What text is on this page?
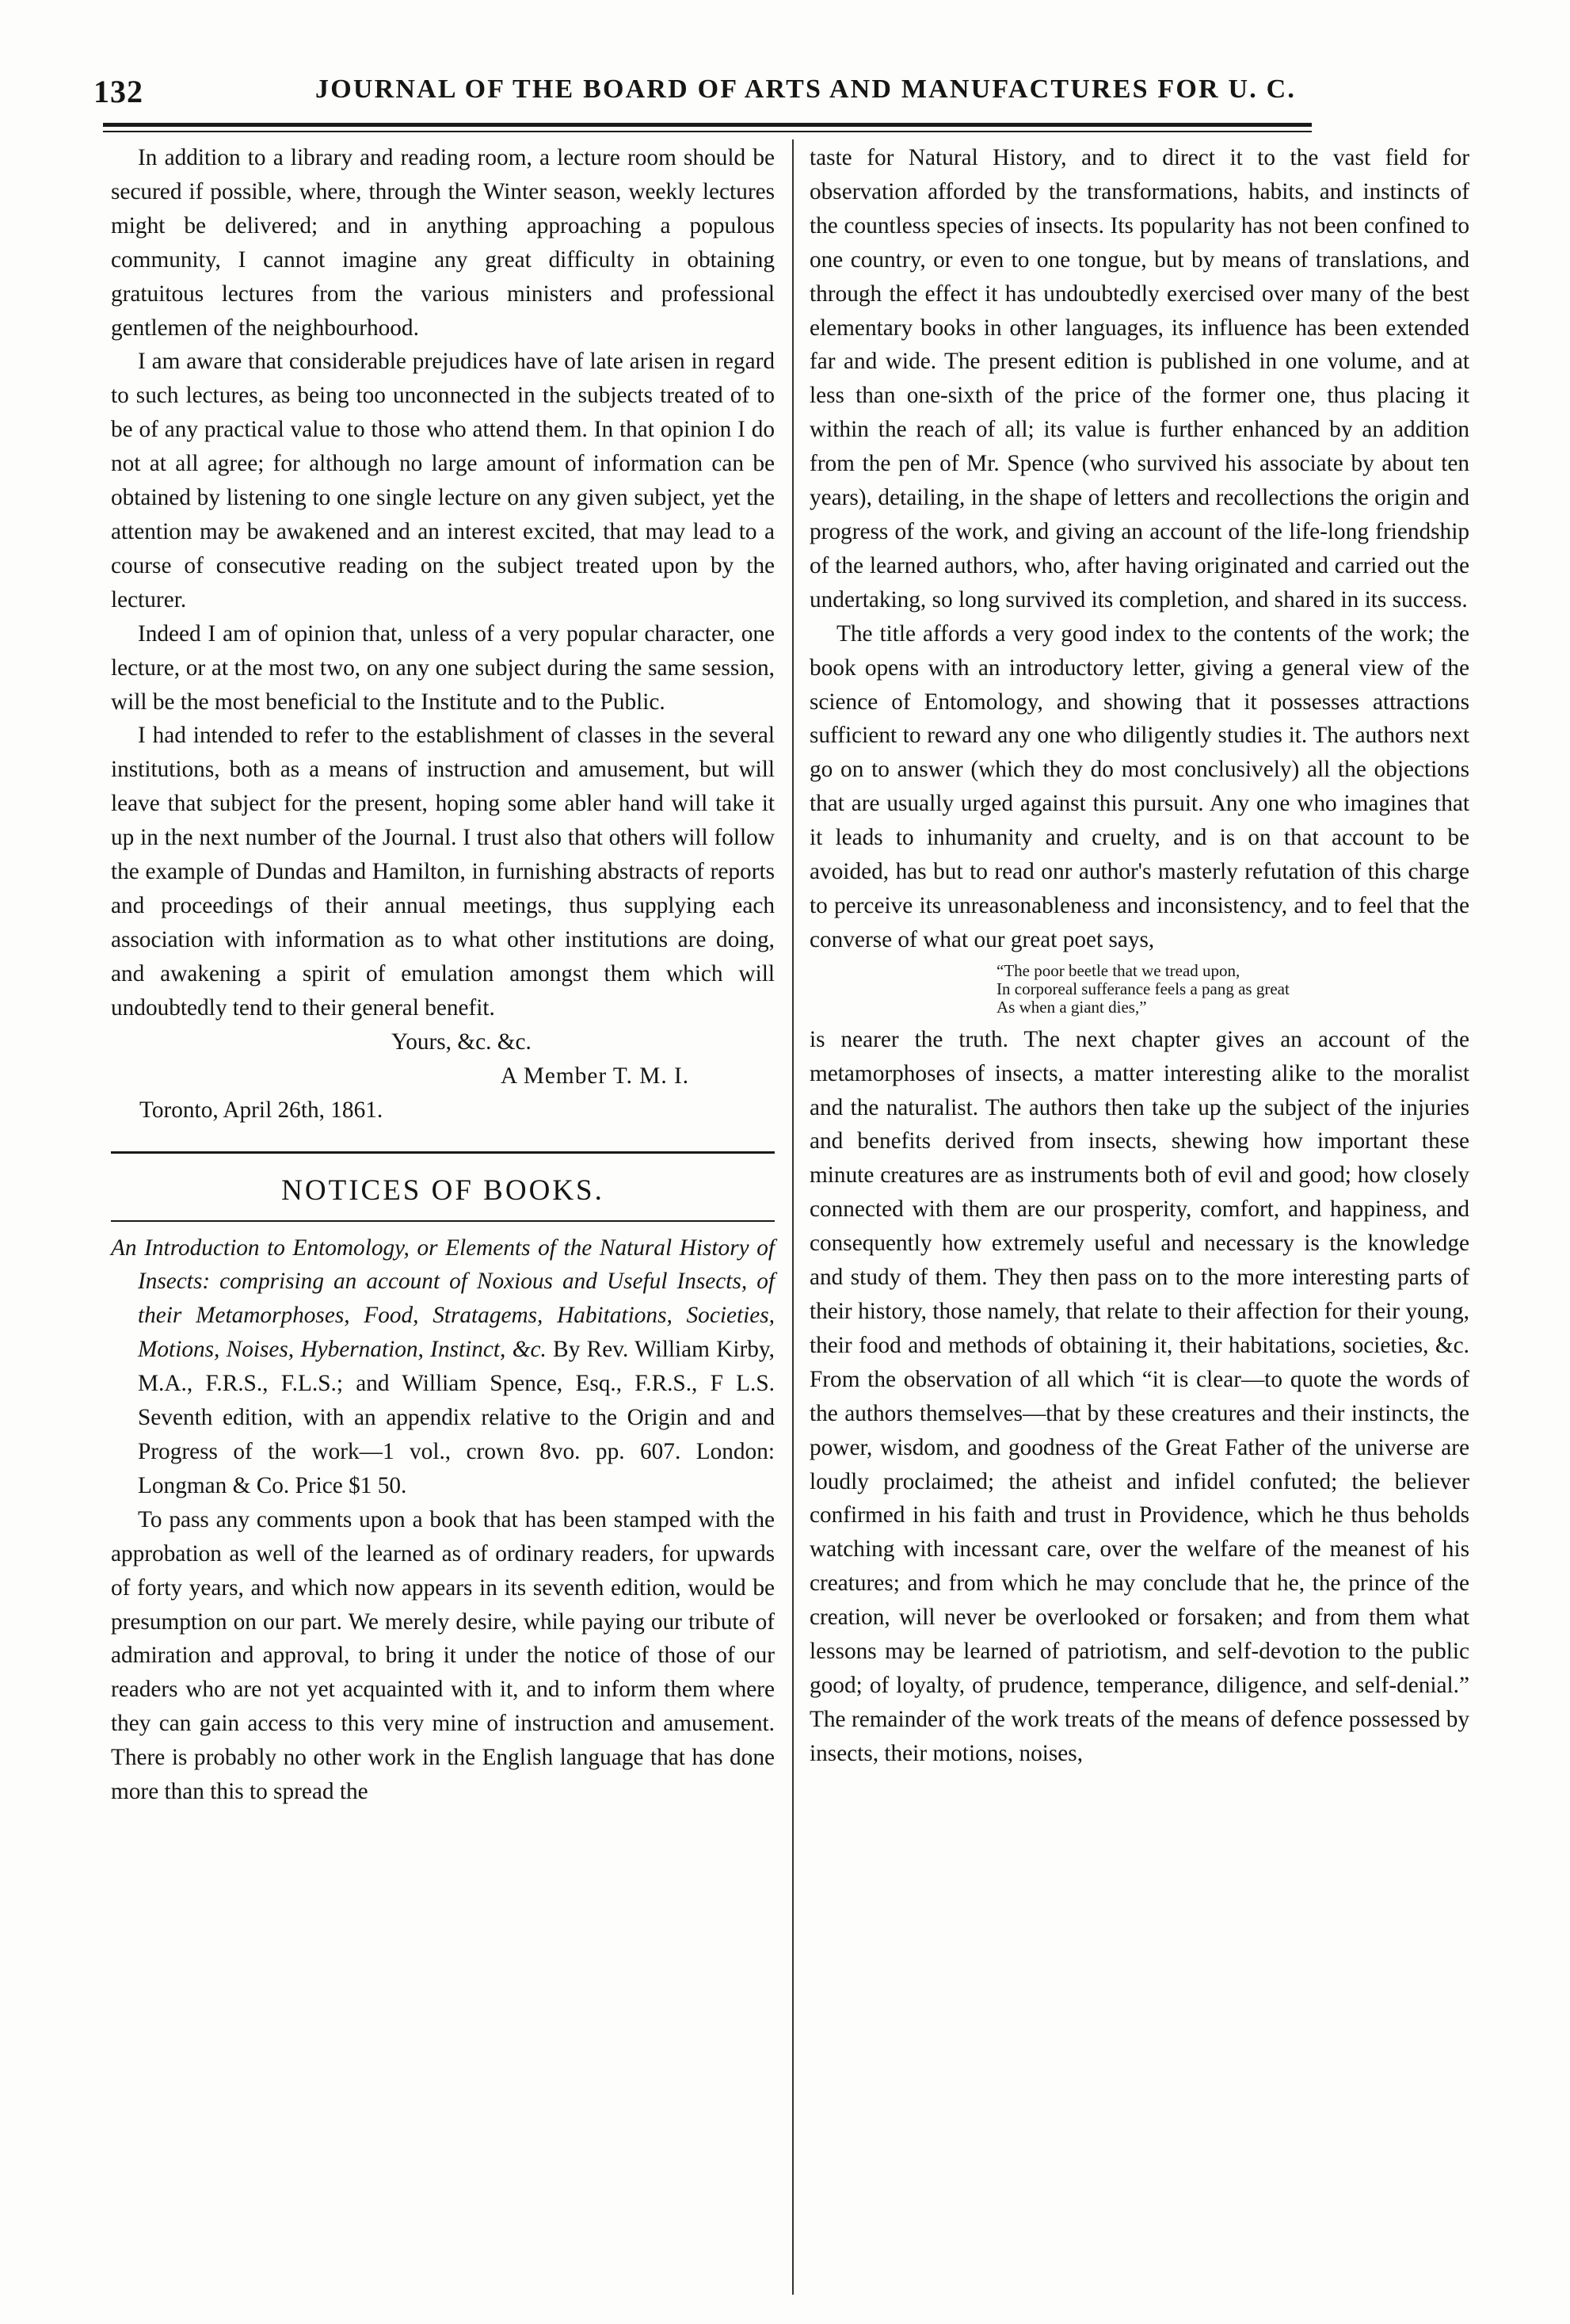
132	JOURNAL OF THE BOARD OF ARTS AND MANUFACTURES FOR U. C.

In addition to a library and reading room, a lecture room should be secured if possible, where, through the Winter season, weekly lectures might be delivered; and in anything approaching a populous community, I cannot imagine any great difficulty in obtaining gratuitous lectures from the various ministers and professional gentlemen of the neighbourhood.

I am aware that considerable prejudices have of late arisen in regard to such lectures, as being too unconnected in the subjects treated of to be of any practical value to those who attend them. In that opinion I do not at all agree; for although no large amount of information can be obtained by listening to one single lecture on any given subject, yet the attention may be awakened and an interest excited, that may lead to a course of consecutive reading on the subject treated upon by the lecturer.

Indeed I am of opinion that, unless of a very popular character, one lecture, or at the most two, on any one subject during the same session, will be the most beneficial to the Institute and to the Public.

I had intended to refer to the establishment of classes in the several institutions, both as a means of instruction and amusement, but will leave that subject for the present, hoping some abler hand will take it up in the next number of the Journal. I trust also that others will follow the example of Dundas and Hamilton, in furnishing abstracts of reports and proceedings of their annual meetings, thus supplying each association with information as to what other institutions are doing, and awakening a spirit of emulation amongst them which will undoubtedly tend to their general benefit.

Yours, &c. &c.
A Member T. M. I.
Toronto, April 26th, 1861.
NOTICES OF BOOKS.

An Introduction to Entomology, or Elements of the Natural History of Insects: comprising an account of Noxious and Useful Insects, of their Metamorphoses, Food, Stratagems, Habitations, Societies, Motions, Noises, Hybernation, Instinct, &c. By Rev. William Kirby, M.A., F.R.S., F.L.S.; and William Spence, Esq., F.R.S., F L.S. Seventh edition, with an appendix relative to the Origin and and Progress of the work—1 vol., crown 8vo. pp. 607. London: Longman & Co. Price $1 50.

To pass any comments upon a book that has been stamped with the approbation as well of the learned as of ordinary readers, for upwards of forty years, and which now appears in its seventh edition, would be presumption on our part. We merely desire, while paying our tribute of admiration and approval, to bring it under the notice of those of our readers who are not yet acquainted with it, and to inform them where they can gain access to this very mine of instruction and amusement. There is probably no other work in the English language that has done more than this to spread the

taste for Natural History, and to direct it to the vast field for observation afforded by the transformations, habits, and instincts of the countless species of insects. Its popularity has not been confined to one country, or even to one tongue, but by means of translations, and through the effect it has undoubtedly exercised over many of the best elementary books in other languages, its influence has been extended far and wide. The present edition is published in one volume, and at less than one-sixth of the price of the former one, thus placing it within the reach of all; its value is further enhanced by an addition from the pen of Mr. Spence (who survived his associate by about ten years), detailing, in the shape of letters and recollections the origin and progress of the work, and giving an account of the life-long friendship of the learned authors, who, after having originated and carried out the undertaking, so long survived its completion, and shared in its success.

The title affords a very good index to the contents of the work; the book opens with an introductory letter, giving a general view of the science of Entomology, and showing that it possesses attractions sufficient to reward any one who diligently studies it. The authors next go on to answer (which they do most conclusively) all the objections that are usually urged against this pursuit. Any one who imagines that it leads to inhumanity and cruelty, and is on that account to be avoided, has but to read onr author's masterly refutation of this charge to perceive its unreasonableness and inconsistency, and to feel that the converse of what our great poet says,

“The poor beetle that we tread upon,
In corporeal sufferance feels a pang as great
As when a giant dies,”

is nearer the truth. The next chapter gives an account of the metamorphoses of insects, a matter interesting alike to the moralist and the naturalist. The authors then take up the subject of the injuries and benefits derived from insects, shewing how important these minute creatures are as instruments both of evil and good; how closely connected with them are our prosperity, comfort, and happiness, and consequently how extremely useful and necessary is the knowledge and study of them. They then pass on to the more interesting parts of their history, those namely, that relate to their affection for their young, their food and methods of obtaining it, their habitations, societies, &c. From the observation of all which “it is clear—to quote the words of the authors themselves—that by these creatures and their instincts, the power, wisdom, and goodness of the Great Father of the universe are loudly proclaimed; the atheist and infidel confuted; the believer confirmed in his faith and trust in Providence, which he thus beholds watching with incessant care, over the welfare of the meanest of his creatures; and from which he may conclude that he, the prince of the creation, will never be overlooked or forsaken; and from them what lessons may be learned of patriotism, and self-devotion to the public good; of loyalty, of prudence, temperance, diligence, and self-denial.” The remainder of the work treats of the means of defence possessed by insects, their motions, noises,
